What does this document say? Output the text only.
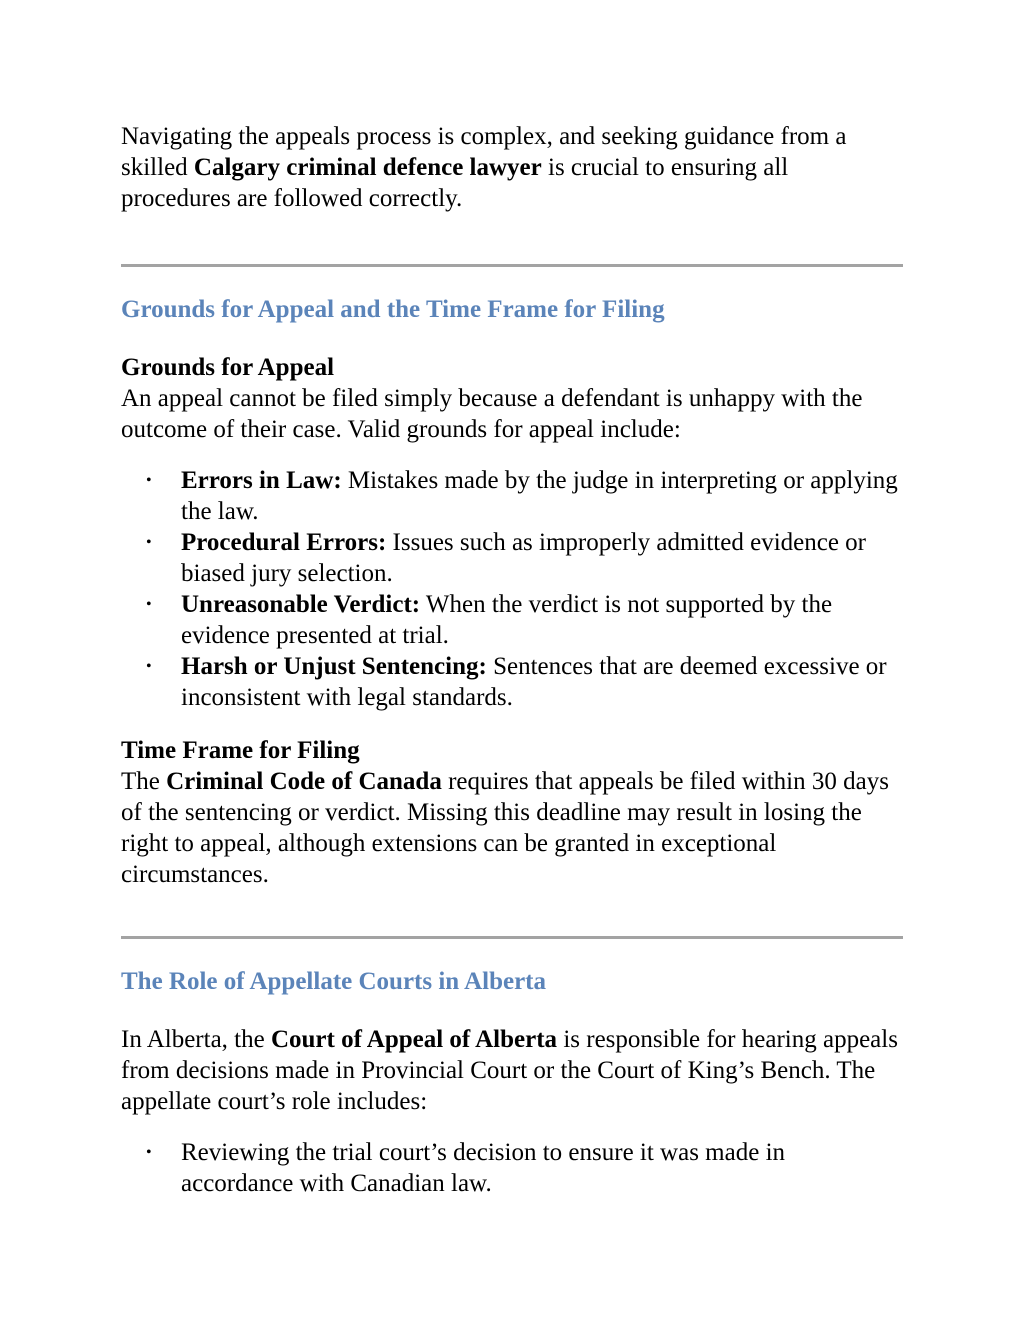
Navigating the appeals process is complex, and seeking guidance from a skilled Calgary criminal defence lawyer is crucial to ensuring all procedures are followed correctly.

Grounds for Appeal and the Time Frame for Filing
Grounds for Appeal

An appeal cannot be filed simply because a defendant is unhappy with the outcome of their case. Valid grounds for appeal include:

• Errors in Law: Mistakes made by the judge in interpreting or applying the law.
• Procedural Errors: Issues such as improperly admitted evidence or biased jury selection.
• Unreasonable Verdict: When the verdict is not supported by the evidence presented at trial.
• Harsh or Unjust Sentencing: Sentences that are deemed excessive or inconsistent with legal standards.
Time Frame for Filing

The Criminal Code of Canada requires that appeals be filed within 30 days of the sentencing or verdict. Missing this deadline may result in losing the right to appeal, although extensions can be granted in exceptional circumstances.

The Role of Appellate Courts in Alberta

In Alberta, the Court of Appeal of Alberta is responsible for hearing appeals from decisions made in Provincial Court or the Court of King’s Bench. The appellate court’s role includes:

• Reviewing the trial court’s decision to ensure it was made in accordance with Canadian law.
